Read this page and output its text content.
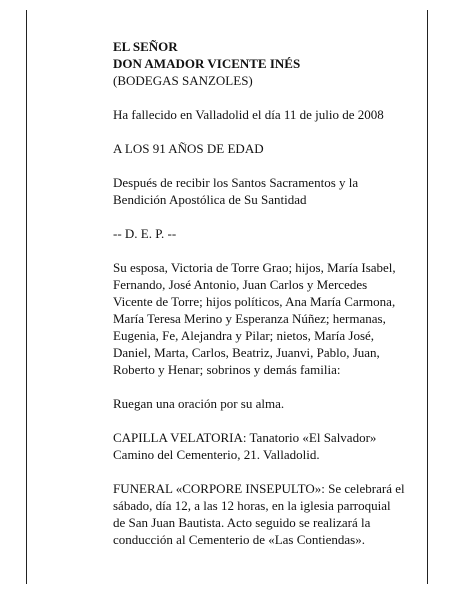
EL SEÑOR
DON AMADOR VICENTE INÉS
(BODEGAS SANZOLES)
Ha fallecido en Valladolid el día 11 de julio de 2008
A LOS 91 AÑOS DE EDAD
Después de recibir los Santos Sacramentos y la
Bendición Apostólica de Su Santidad
-- D. E. P. --
Su esposa, Victoria de Torre Grao; hijos, María Isabel,
Fernando, José Antonio, Juan Carlos y Mercedes
Vicente de Torre; hijos políticos, Ana María Carmona,
María Teresa Merino y Esperanza Núñez; hermanas,
Eugenia, Fe, Alejandra y Pilar; nietos, María José,
Daniel, Marta, Carlos, Beatriz, Juanvi, Pablo, Juan,
Roberto y Henar; sobrinos y demás familia:
Ruegan una oración por su alma.
CAPILLA VELATORIA: Tanatorio «El Salvador»
Camino del Cementerio, 21. Valladolid.
FUNERAL «CORPORE INSEPULTO»: Se celebrará el
sábado, día 12, a las 12 horas, en la iglesia parroquial
de San Juan Bautista. Acto seguido se realizará la
conducción al Cementerio de «Las Contiendas».
